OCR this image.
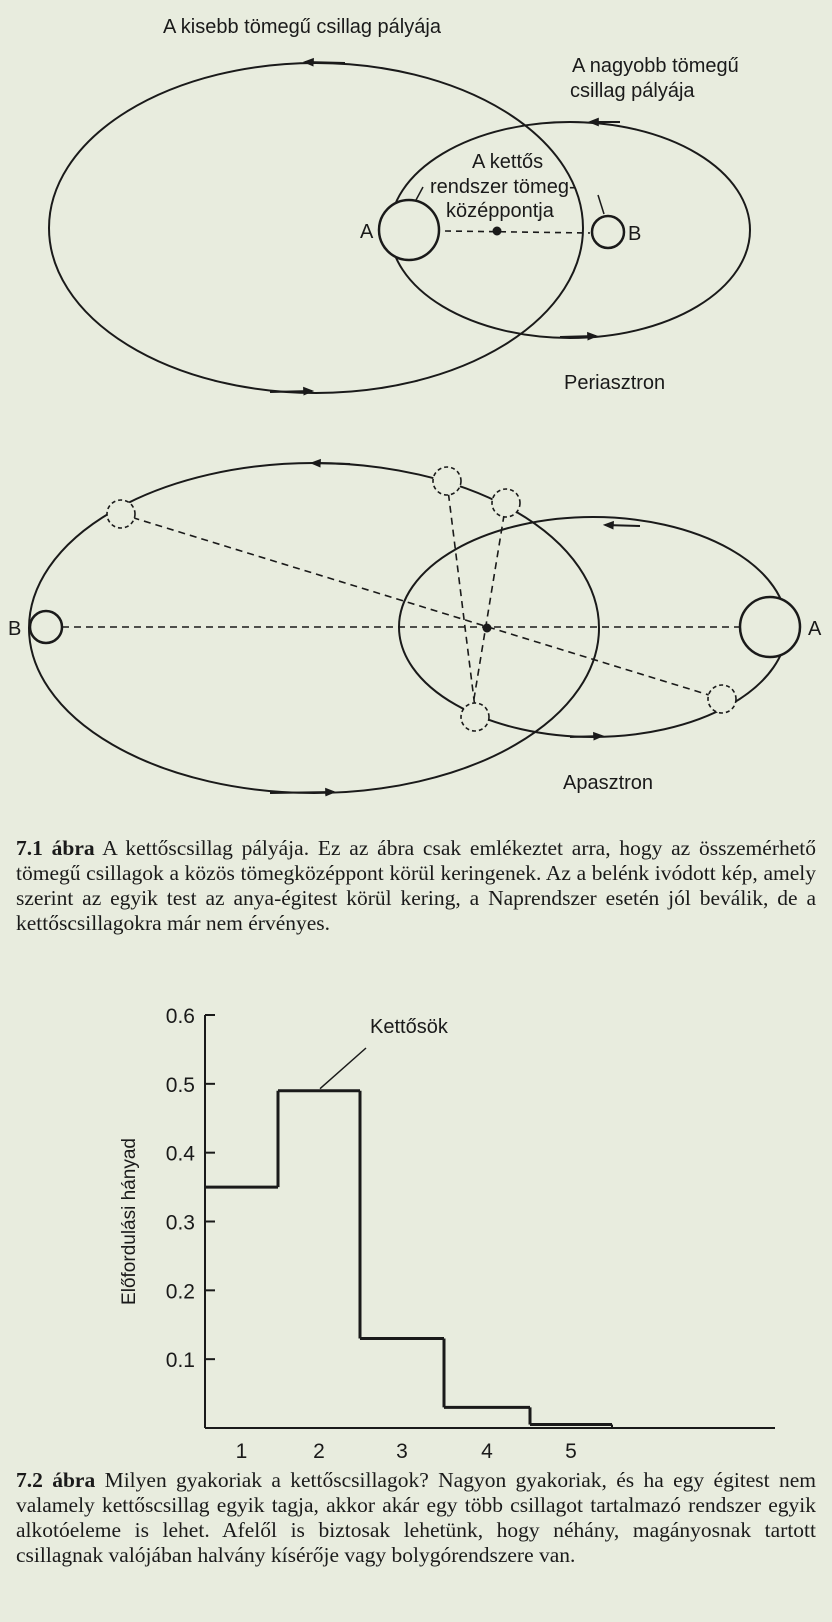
A kisebb tömegű csillag pályája
A nagyobb tömegű
csillag pályája
A kettős
rendszer tömeg-
középpontja
A	B
Periasztron
B	A
Apasztron

7.1 ábra A kettőscsillag pályája. Ez az ábra csak emlékeztet arra, hogy az összemérhető tömegű csillagok a közös tömegközéppont körül keringenek. Az a belénk ivódott kép, amely szerint az egyik test az anya-égitest körül kering, a Naprendszer esetén jól beválik, de a kettőscsillagokra már nem érvényes.

0.1
0.2
0.3
0.4
0.5
0.6
Előfordulási hányad
1	2	3	4	5
Kettősök

7.2 ábra Milyen gyakoriak a kettőscsillagok? Nagyon gyakoriak, és ha egy égitest nem valamely kettőscsillag egyik tagja, akkor akár egy több csillagot tartalmazó rendszer egyik alkotóeleme is lehet. Afelől is biztosak lehetünk, hogy néhány, magányosnak tartott csillagnak valójában halvány kísérője vagy bolygórendszere van.
